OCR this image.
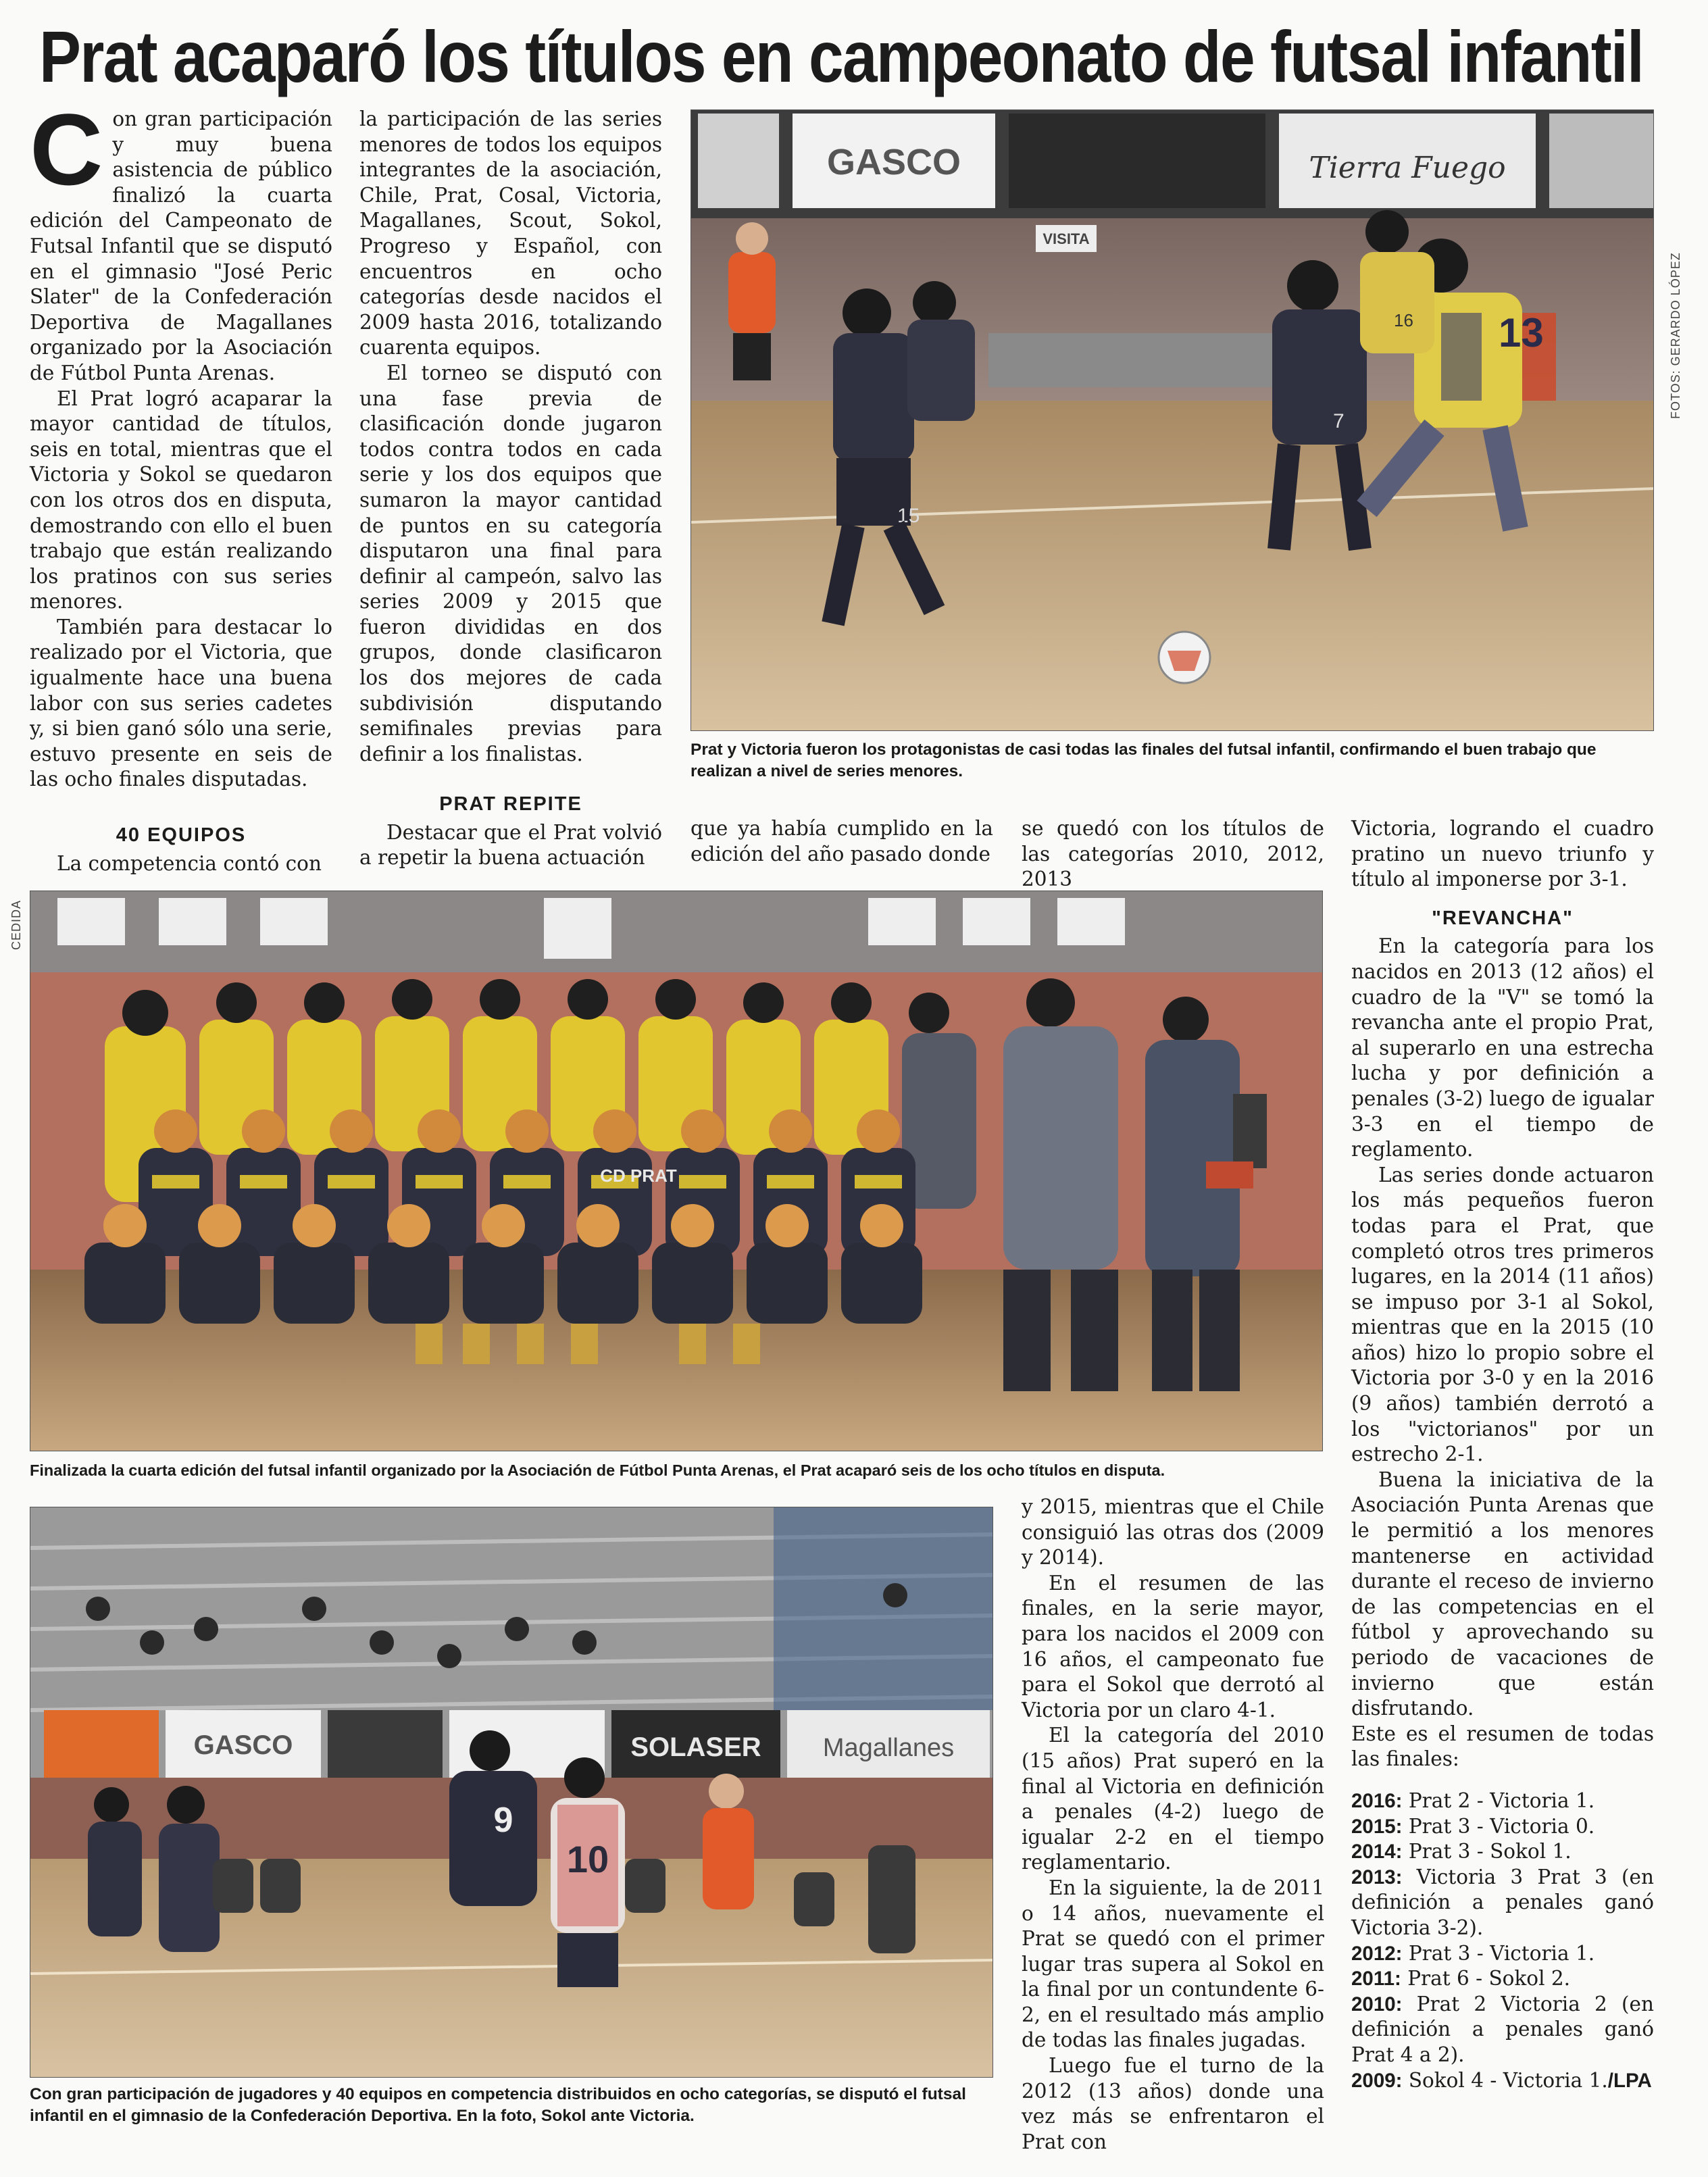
Prat acaparó los títulos en campeonato de futsal infantil

Con gran participación y muy buena asistencia de público finalizó la cuarta edición del Campeonato de Futsal Infantil que se disputó en el gimnasio "José Peric Slater" de la Confederación Deportiva de Magallanes organizado por la Asociación de Fútbol Punta Arenas.

El Prat logró acaparar la mayor cantidad de títulos, seis en total, mientras que el Victoria y Sokol se quedaron con los otros dos en disputa, demostrando con ello el buen trabajo que están realizando los pratinos con sus series menores.

También para destacar lo realizado por el Victoria, que igualmente hace una buena labor con sus series cadetes y, si bien ganó sólo una serie, estuvo presente en seis de las ocho finales disputadas.

la participación de las series menores de todos los equipos integrantes de la asociación, Chile, Prat, Cosal, Victoria, Magallanes, Scout, Sokol, Progreso y Español, con encuentros en ocho categorías desde nacidos el 2009 hasta 2016, totalizando cuarenta equipos.

El torneo se disputó con una fase previa de clasificación donde jugaron todos contra todos en cada serie y los dos equipos que sumaron la mayor cantidad de puntos en su categoría disputaron una final para definir al campeón, salvo las series 2009 y 2015 que fueron divididas en dos grupos, donde clasificaron los dos mejores de cada subdivisión disputando semifinales previas para definir a los finalistas.

GASCO	Tierra Fuego
VISITA
15
7
13
16	FOTOS: GERARDO LÓPEZ
Prat y Victoria fueron los protagonistas de casi todas las finales del futsal infantil, confirmando el buen trabajo que realizan a nivel de series menores.

40 EQUIPOS

La competencia contó con

PRAT REPITE

Destacar que el Prat volvió a repetir la buena actuación

que ya había cumplido en la edición del año pasado donde

se quedó con los títulos de las categorías 2010, 2012, 2013

CEDIDA
CD PRAT
Finalizada la cuarta edición del futsal infantil organizado por la Asociación de Fútbol Punta Arenas, el Prat acaparó seis de los ocho títulos en disputa.
GASCO	SOLASER Magallanes
9
10
Con gran participación de jugadores y 40 equipos en competencia distribuidos en ocho categorías, se disputó el futsal infantil en el gimnasio de la Confederación Deportiva. En la foto, Sokol ante Victoria.

y 2015, mientras que el Chile consiguió las otras dos (2009 y 2014).

En el resumen de las finales, en la serie mayor, para los nacidos el 2009 con 16 años, el campeonato fue para el Sokol que derrotó al Victoria por un claro 4-1.

El la categoría del 2010 (15 años) Prat superó en la final al Victoria en definición a penales (4-2) luego de igualar 2-2 en el tiempo reglamentario.

En la siguiente, la de 2011 o 14 años, nuevamente el Prat se quedó con el primer lugar tras supera al Sokol en la final por un contundente 6-2, en el resultado más amplio de todas las finales jugadas.

Luego fue el turno de la 2012 (13 años) donde una vez más se enfrentaron el Prat con

Victoria, logrando el cuadro pratino un nuevo triunfo y título al imponerse por 3-1.

"REVANCHA"

En la categoría para los nacidos en 2013 (12 años) el cuadro de la "V" se tomó la revancha ante el propio Prat, al superarlo en una estrecha lucha y por definición a penales (3-2) luego de igualar 3-3 en el tiempo de reglamento.

Las series donde actuaron los más pequeños fueron todas para el Prat, que completó otros tres primeros lugares, en la 2014 (11 años) se impuso por 3-1 al Sokol, mientras que en la 2015 (10 años) hizo lo propio sobre el Victoria por 3-0 y en la 2016 (9 años) también derrotó a los "victorianos" por un estrecho 2-1.

Buena la iniciativa de la Asociación Punta Arenas que le permitió a los menores mantenerse en actividad durante el receso de invierno de las competencias en el fútbol y aprovechando su periodo de vacaciones de invierno que están disfrutando.

Este es el resumen de todas las finales:

2016: Prat 2 - Victoria 1.

2015: Prat 3 - Victoria 0.

2014: Prat 3 - Sokol 1.

2013: Victoria 3 Prat 3 (en definición a penales ganó Victoria 3-2).

2012: Prat 3 - Victoria 1.

2011: Prat 6 - Sokol 2.

2010: Prat 2 Victoria 2 (en definición a penales ganó Prat 4 a 2).

2009: Sokol 4 - Victoria 1./LPA
